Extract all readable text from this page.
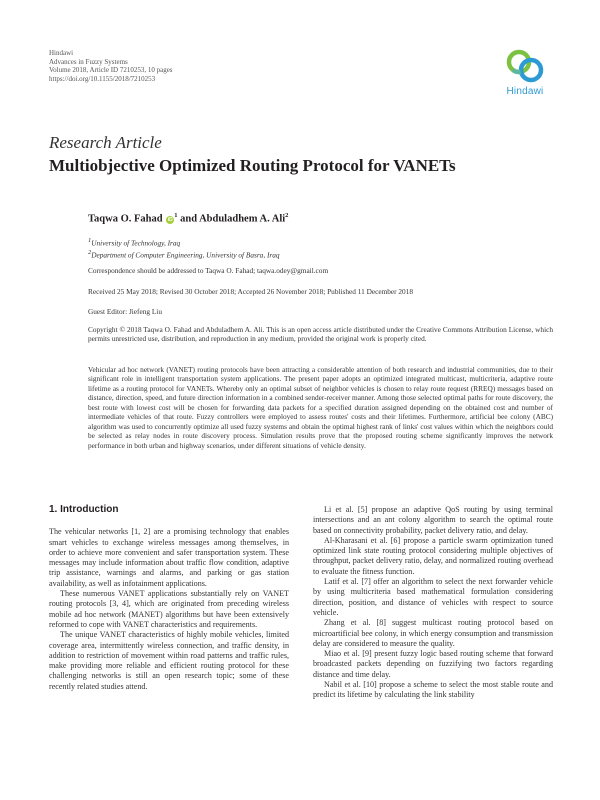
Hindawi
Advances in Fuzzy Systems
Volume 2018, Article ID 7210253, 10 pages
https://doi.org/10.1155/2018/7210253
Hindawi
Research Article
Multiobjective Optimized Routing Protocol for VANETs
Taqwa O. Fahad $iD^1$ and Abduladhem A. Ali$^2$
$^1$University of Technology, Iraq
$^2$Department of Computer Engineering, University of Basra, Iraq
Correspondence should be addressed to Taqwa O. Fahad; taqwa.odey@gmail.com
Received 25 May 2018; Revised 30 October 2018; Accepted 26 November 2018; Published 11 December 2018
Guest Editor: Jiefeng Liu
Copyright © 2018 Taqwa O. Fahad and Abduladhem A. Ali. This is an open access article distributed under the Creative Commons Attribution License, which permits unrestricted use, distribution, and reproduction in any medium, provided the original work is properly cited.
Vehicular ad hoc network (VANET) routing protocols have been attracting a considerable attention of both research and industrial communities, due to their significant role in intelligent transportation system applications. The present paper adopts an optimized integrated multicast, multicriteria, adaptive route lifetime as a routing protocol for VANETs. Whereby only an optimal subset of neighbor vehicles is chosen to relay route request (RREQ) messages based on distance, direction, speed, and future direction information in a combined sender-receiver manner. Among those selected optimal paths for route discovery, the best route with lowest cost will be chosen for forwarding data packets for a specified duration assigned depending on the obtained cost and number of intermediate vehicles of that route. Fuzzy controllers were employed to assess routes' costs and their lifetimes. Furthermore, artificial bee colony (ABC) algorithm was used to concurrently optimize all used fuzzy systems and obtain the optimal highest rank of links' cost values within which the neighbors could be selected as relay nodes in route discovery process. Simulation results prove that the proposed routing scheme significantly improves the network performance in both urban and highway scenarios, under different situations of vehicle density.
1. Introduction

The vehicular networks [1, 2] are a promising technology that enables smart vehicles to exchange wireless messages among themselves, in order to achieve more convenient and safer transportation system. These messages may include information about traffic flow condition, adaptive trip assistance, warnings and alarms, and parking or gas station availability, as well as infotainment applications.

These numerous VANET applications substantially rely on VANET routing protocols [3, 4], which are originated from preceding wireless mobile ad hoc network (MANET) algorithms but have been extensively reformed to cope with VANET characteristics and requirements.

The unique VANET characteristics of highly mobile vehicles, limited coverage area, intermittently wireless connection, and traffic density, in addition to restriction of movement within road patterns and traffic rules, make providing more reliable and efficient routing protocol for these challenging networks is still an open research topic; some of these recently related studies attend.

Li et al. [5] propose an adaptive QoS routing by using terminal intersections and an ant colony algorithm to search the optimal route based on connectivity probability, packet delivery ratio, and delay.

Al-Kharasani et al. [6] propose a particle swarm optimization tuned optimized link state routing protocol considering multiple objectives of throughput, packet delivery ratio, delay, and normalized routing overhead to evaluate the fitness function.

Latif et al. [7] offer an algorithm to select the next forwarder vehicle by using multicriteria based mathematical formulation considering direction, position, and distance of vehicles with respect to source vehicle.

Zhang et al. [8] suggest multicast routing protocol based on microartificial bee colony, in which energy consumption and transmission delay are considered to measure the quality.

Miao et al. [9] present fuzzy logic based routing scheme that forward broadcasted packets depending on fuzzifying two factors regarding distance and time delay.

Nabil et al. [10] propose a scheme to select the most stable route and predict its lifetime by calculating the link stability
